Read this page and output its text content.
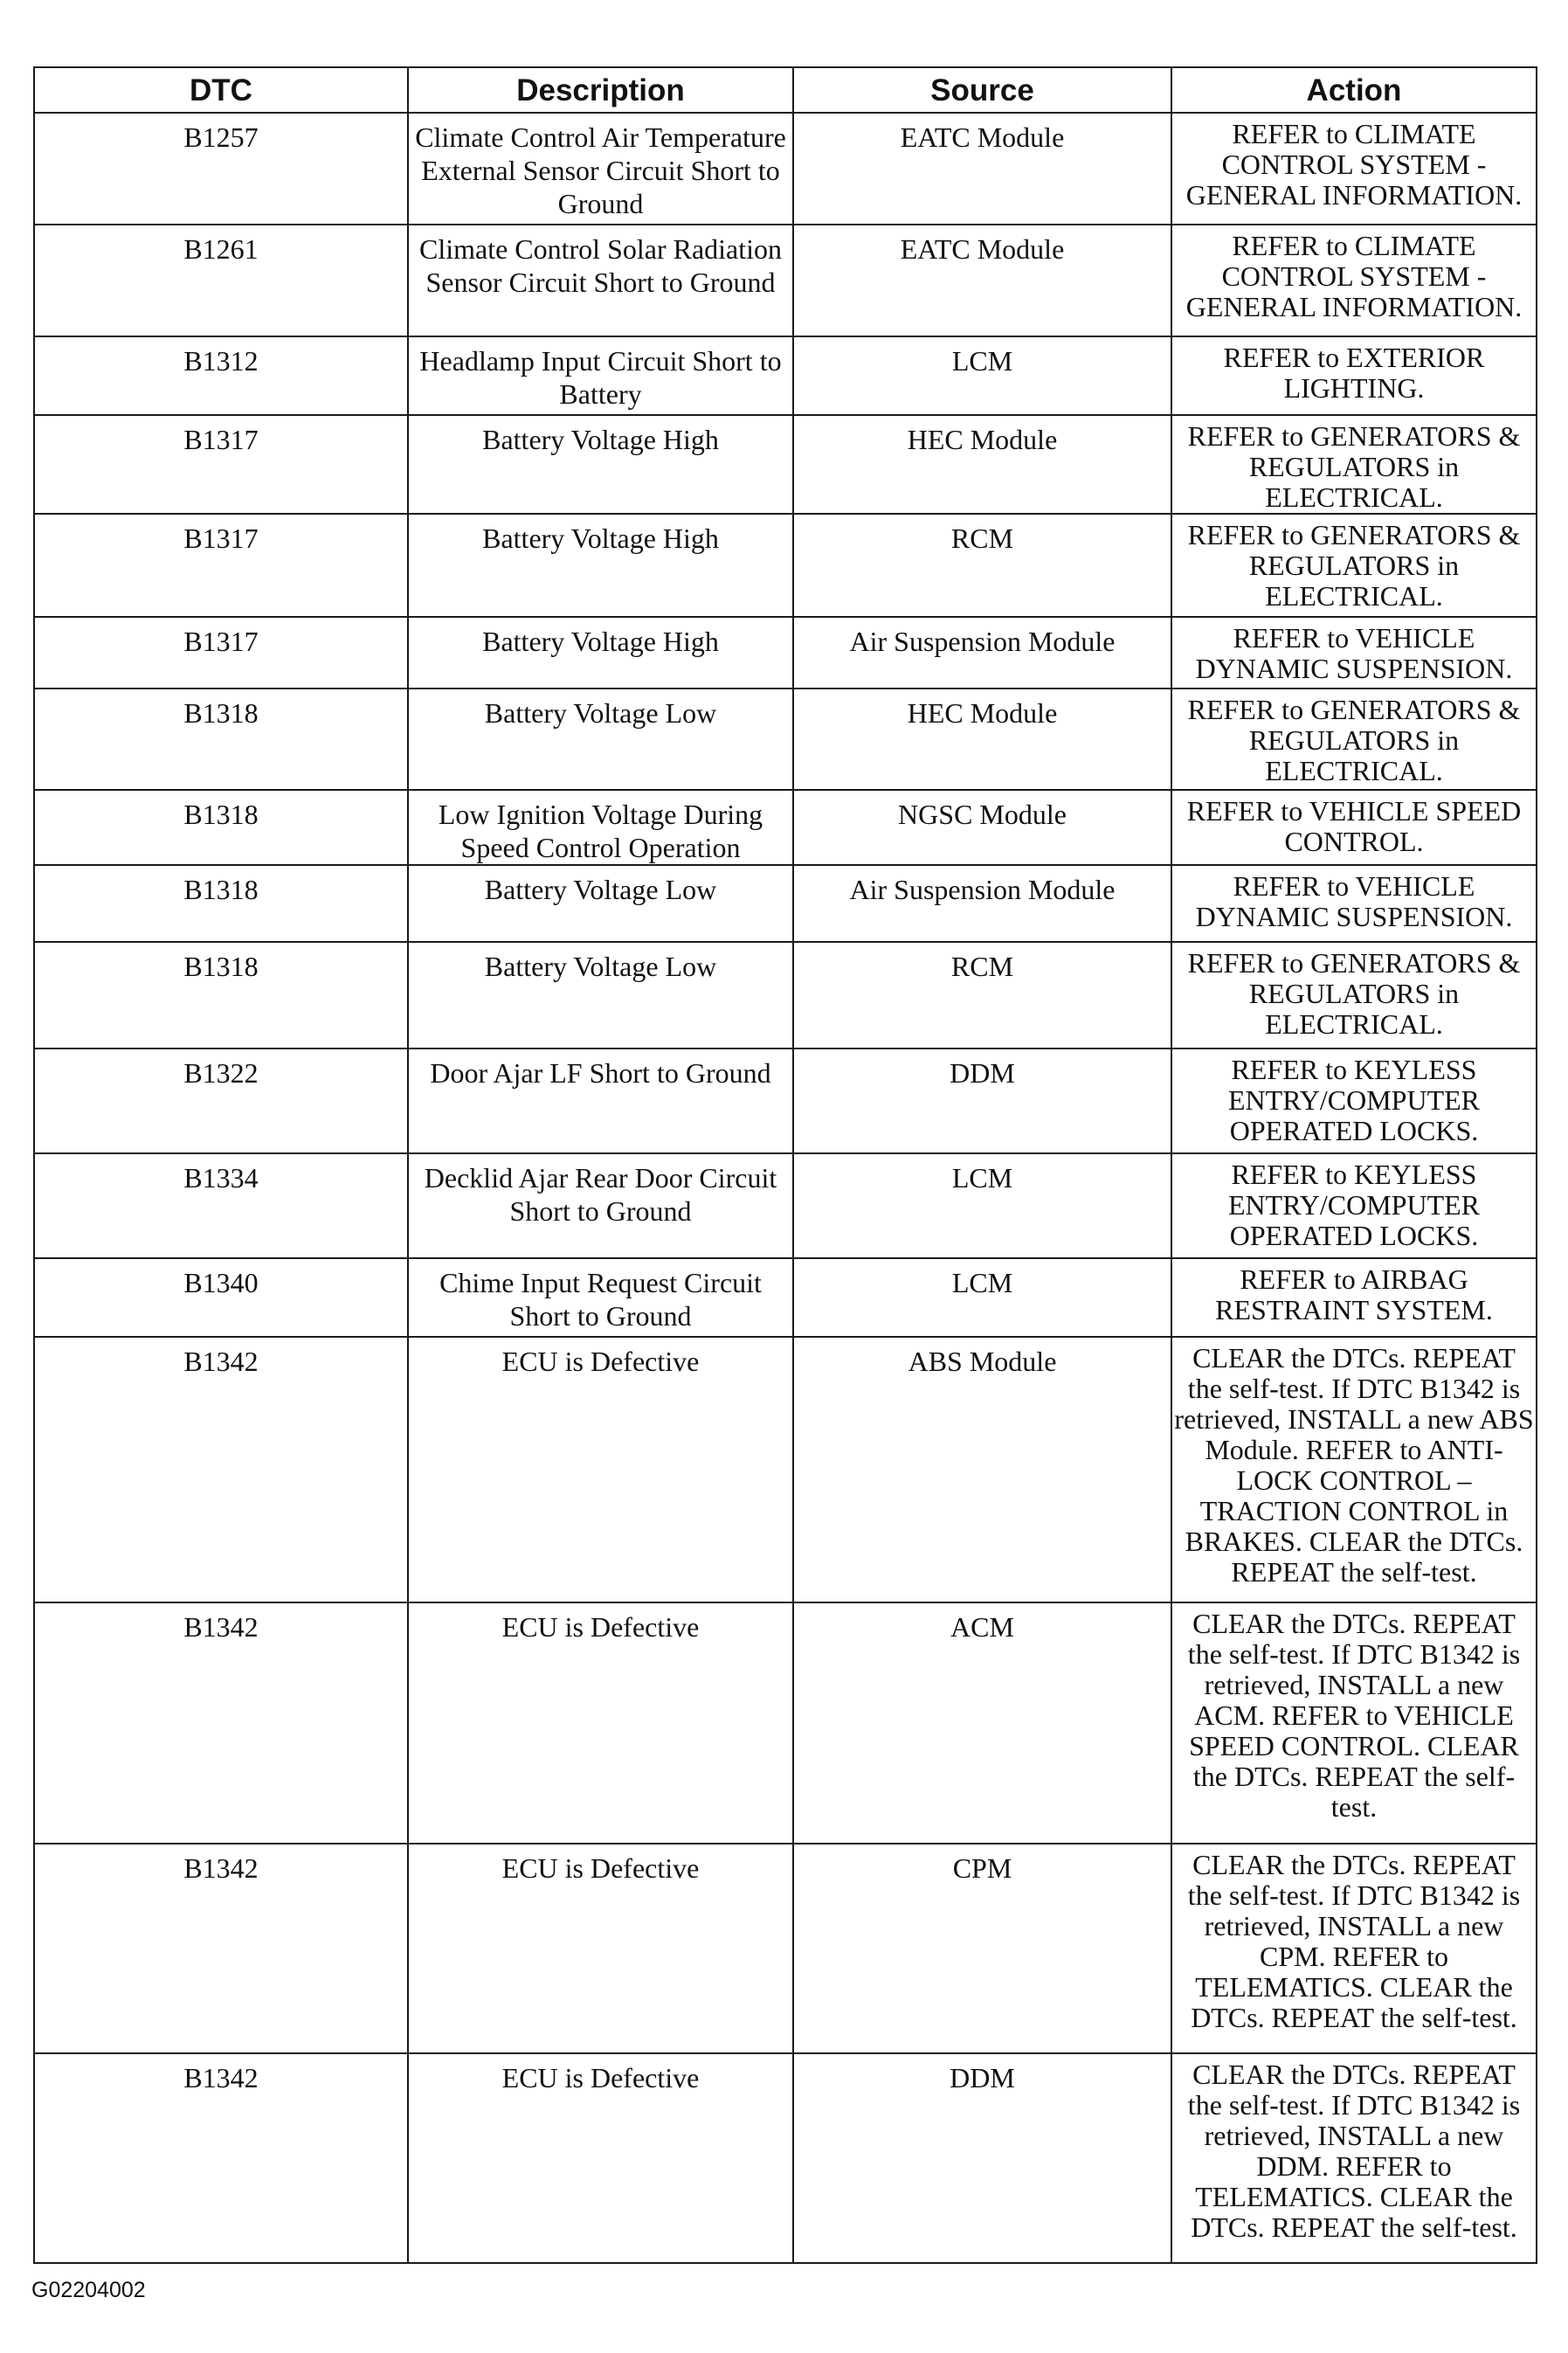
DTC	Description	Source	Action
B1257	Climate Control Air Temperature External Sensor Circuit Short to Ground	EATC Module	REFER to CLIMATE CONTROL SYSTEM - GENERAL INFORMATION.
B1261	Climate Control Solar Radiation Sensor Circuit Short to Ground	EATC Module	REFER to CLIMATE CONTROL SYSTEM - GENERAL INFORMATION.
B1312	Headlamp Input Circuit Short to Battery	LCM	REFER to EXTERIOR LIGHTING.
B1317	Battery Voltage High	HEC Module	REFER to GENERATORS & REGULATORS in ELECTRICAL.
B1317	Battery Voltage High	RCM	REFER to GENERATORS & REGULATORS in ELECTRICAL.
B1317	Battery Voltage High	Air Suspension Module	REFER to VEHICLE DYNAMIC SUSPENSION.
B1318	Battery Voltage Low	HEC Module	REFER to GENERATORS & REGULATORS in ELECTRICAL.
B1318	Low Ignition Voltage During Speed Control Operation	NGSC Module	REFER to VEHICLE SPEED CONTROL.
B1318	Battery Voltage Low	Air Suspension Module	REFER to VEHICLE DYNAMIC SUSPENSION.
B1318	Battery Voltage Low	RCM	REFER to GENERATORS & REGULATORS in ELECTRICAL.
B1322	Door Ajar LF Short to Ground	DDM	REFER to KEYLESS ENTRY/COMPUTER OPERATED LOCKS.
B1334	Decklid Ajar Rear Door Circuit Short to Ground	LCM	REFER to KEYLESS ENTRY/COMPUTER OPERATED LOCKS.
B1340	Chime Input Request Circuit Short to Ground	LCM	REFER to AIRBAG RESTRAINT SYSTEM.
B1342	ECU is Defective	ABS Module	CLEAR the DTCs. REPEAT the self-test. If DTC B1342 is retrieved, INSTALL a new ABS Module. REFER to ANTI-LOCK CONTROL – TRACTION CONTROL in BRAKES. CLEAR the DTCs. REPEAT the self-test.
B1342	ECU is Defective	ACM	CLEAR the DTCs. REPEAT the self-test. If DTC B1342 is retrieved, INSTALL a new ACM. REFER to VEHICLE SPEED CONTROL. CLEAR the DTCs. REPEAT the self-test.
B1342	ECU is Defective	CPM	CLEAR the DTCs. REPEAT the self-test. If DTC B1342 is retrieved, INSTALL a new CPM. REFER to TELEMATICS. CLEAR the DTCs. REPEAT the self-test.
B1342	ECU is Defective	DDM	CLEAR the DTCs. REPEAT the self-test. If DTC B1342 is retrieved, INSTALL a new DDM. REFER to TELEMATICS. CLEAR the DTCs. REPEAT the self-test.
G02204002
